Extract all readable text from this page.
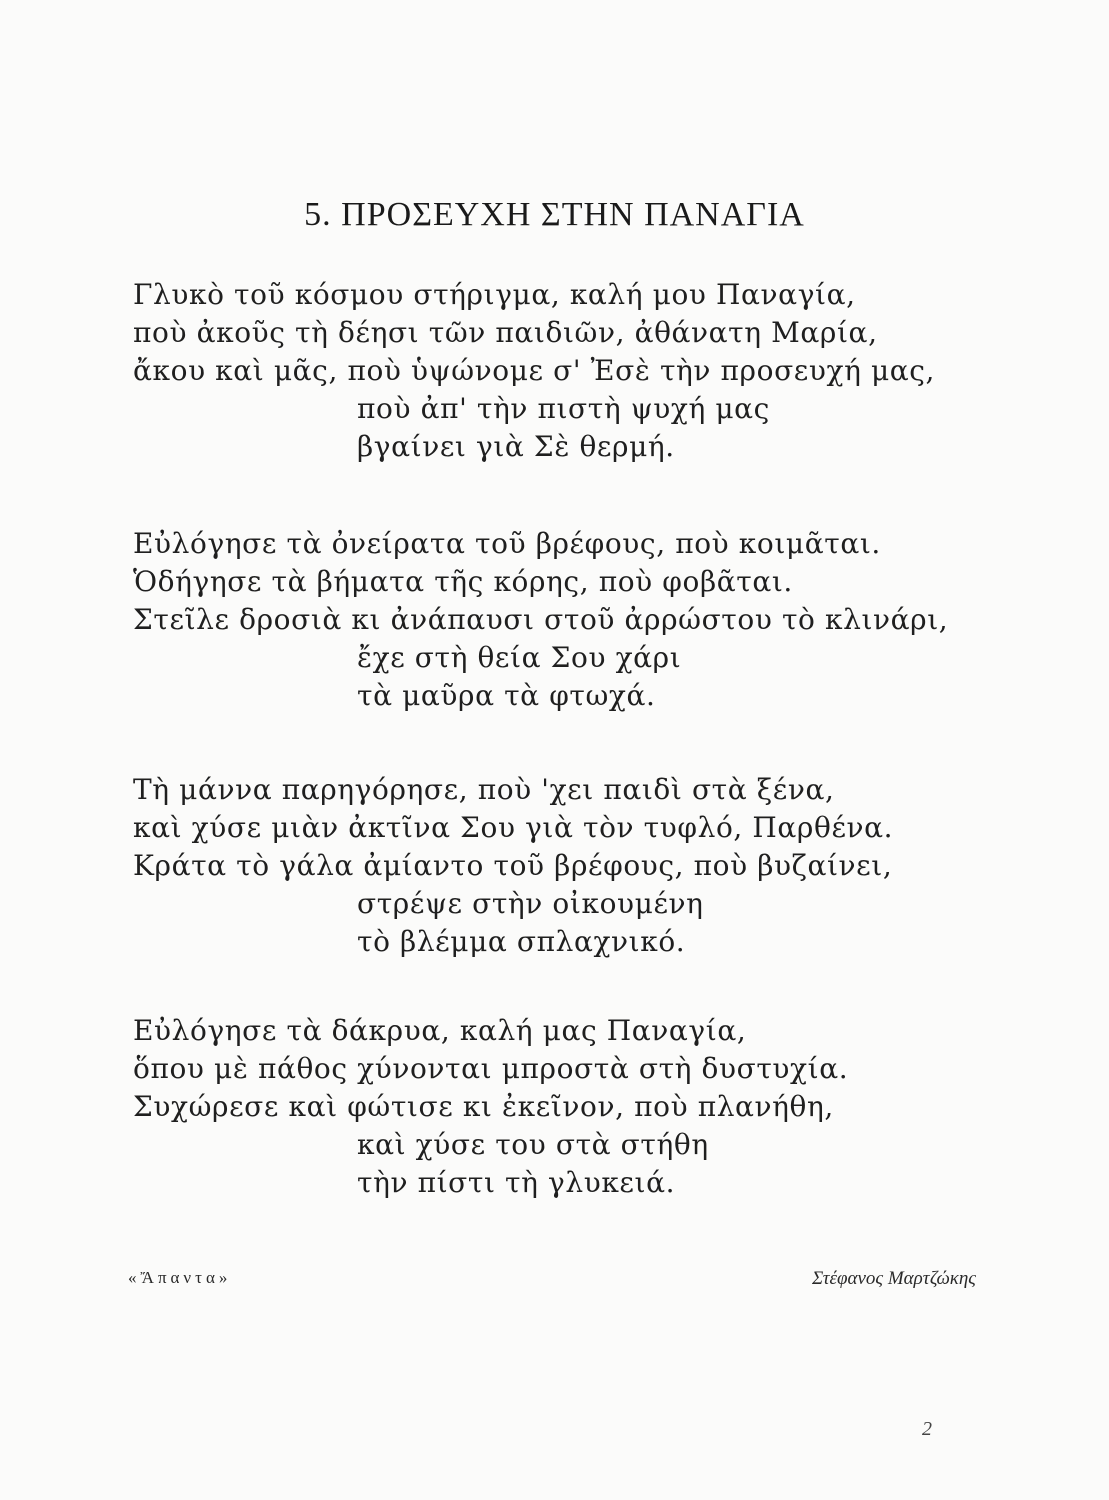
5. ΠΡΟΣΕΥΧΗ ΣΤΗΝ ΠΑΝΑΓΙΑ
Γλυκὸ τοῦ κόσμου στήριγμα, καλή μου Παναγία,
ποὺ ἀκοῦς τὴ δέησι τῶν παιδιῶν, ἀθάνατη Μαρία,
ἄκου καὶ μᾶς, ποὺ ὑψώνομε σ' Ἐσὲ τὴν προσευχή μας,
ποὺ ἀπ' τὴν πιστὴ ψυχή μας
βγαίνει γιὰ Σὲ θερμή.
Εὐλόγησε τὰ ὀνείρατα τοῦ βρέφους, ποὺ κοιμᾶται.
Ὁδήγησε τὰ βήματα τῆς κόρης, ποὺ φοβᾶται.
Στεῖλε δροσιὰ κι ἀνάπαυσι στοῦ ἀρρώστου τὸ κλινάρι,
ἔχε στὴ θεία Σου χάρι
τὰ μαῦρα τὰ φτωχά.
Τὴ μάννα παρηγόρησε, ποὺ 'χει παιδὶ στὰ ξένα,
καὶ χύσε μιὰν ἀκτῖνα Σου γιὰ τὸν τυφλό, Παρθένα.
Κράτα τὸ γάλα ἀμίαντο τοῦ βρέφους, ποὺ βυζαίνει,
στρέψε στὴν οἰκουμένη
τὸ βλέμμα σπλαχνικό.
Εὐλόγησε τὰ δάκρυα, καλή μας Παναγία,
ὅπου μὲ πάθος χύνονται μπροστὰ στὴ δυστυχία.
Συχώρεσε καὶ φώτισε κι ἐκεῖνον, ποὺ πλανήθη,
καὶ χύσε του στὰ στήθη
τὴν πίστι τὴ γλυκειά.
«Ἄπαντα»	Στέφανος Μαρτζώκης
2
